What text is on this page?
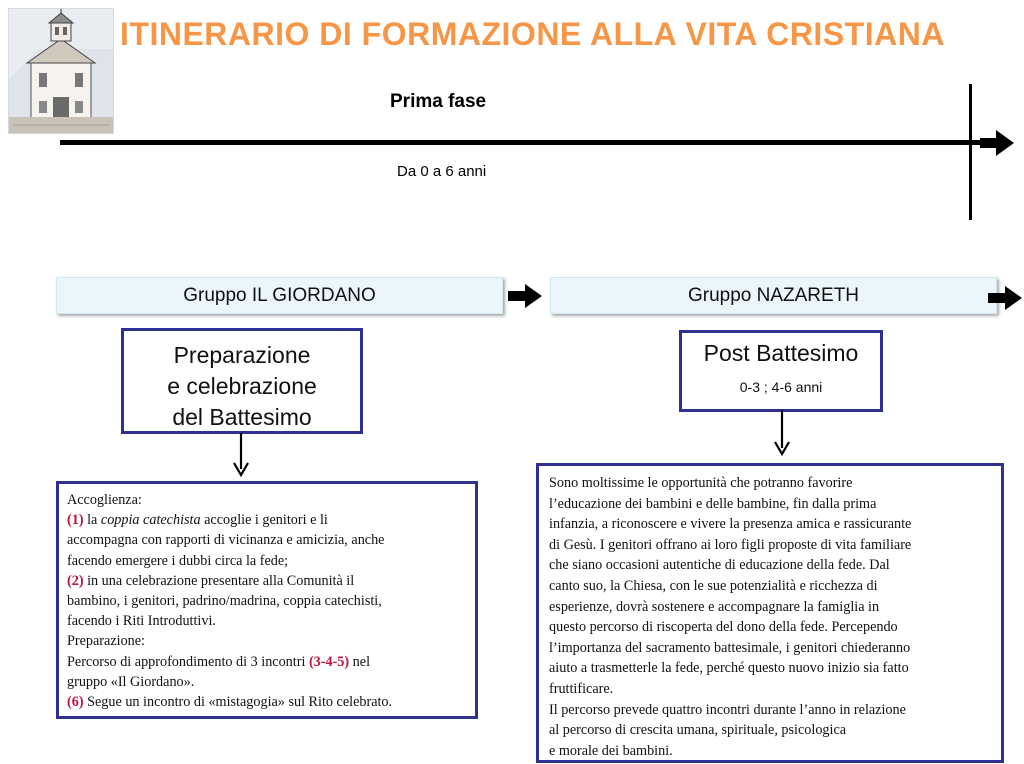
ITINERARIO DI FORMAZIONE ALLA VITA CRISTIANA
Prima fase
Da 0 a 6 anni
Gruppo IL GIORDANO	Gruppo NAZARETH
Preparazione
e celebrazione
del Battesimo
Post Battesimo
0-3 ; 4-6 anni
Accoglienza:
(1) la coppia catechista accoglie i genitori e li
accompagna con rapporti di vicinanza e amicizia, anche
facendo emergere i dubbi circa la fede;
(2) in una celebrazione presentare alla Comunità il
bambino, i genitori, padrino/madrina, coppia catechisti,
facendo i Riti Introduttivi.
Preparazione:
Percorso di approfondimento di 3 incontri (3-4-5) nel
gruppo «Il Giordano».
(6) Segue un incontro di «mistagogia» sul Rito celebrato.
Sono moltissime le opportunità che potranno favorire
l’educazione dei bambini e delle bambine, fin dalla prima
infanzia, a riconoscere e vivere la presenza amica e rassicurante
di Gesù. I genitori offrano ai loro figli proposte di vita familiare
che siano occasioni autentiche di educazione della fede. Dal
canto suo, la Chiesa, con le sue potenzialità e ricchezza di
esperienze, dovrà sostenere e accompagnare la famiglia in
questo percorso di riscoperta del dono della fede. Percependo
l’importanza del sacramento battesimale, i genitori chiederanno
aiuto a trasmetterle la fede, perché questo nuovo inizio sia fatto
fruttificare.
Il percorso prevede quattro incontri durante l’anno in relazione
al percorso di crescita umana, spirituale, psicologica
e morale dei bambini.
